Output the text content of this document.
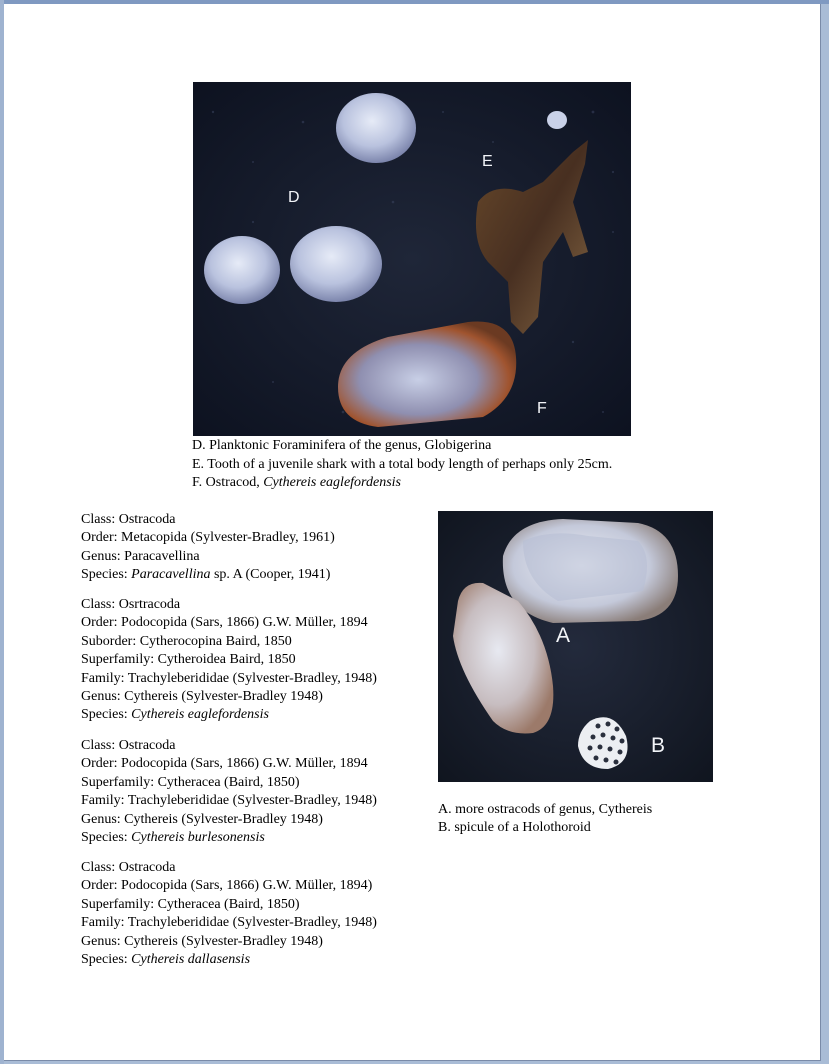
D
E
F
D. Planktonic Foraminifera of the genus, Globigerina
E. Tooth of a juvenile shark with a total body length of perhaps only 25cm.
F. Ostracod, Cythereis eaglefordensis
A
B
A. more ostracods of genus, Cythereis
B. spicule of a Holothoroid
Class: Ostracoda
Order: Metacopida (Sylvester-Bradley, 1961)
Genus: Paracavellina
Species: Paracavellina sp. A (Cooper, 1941)
Class: Osrtracoda
Order: Podocopida (Sars, 1866) G.W. Müller, 1894
Suborder: Cytherocopina Baird, 1850
Superfamily: Cytheroidea Baird, 1850
Family: Trachyleberididae (Sylvester-Bradley, 1948)
Genus: Cythereis (Sylvester-Bradley 1948)
Species: Cythereis eaglefordensis
Class: Ostracoda
Order: Podocopida (Sars, 1866) G.W. Müller, 1894
Superfamily: Cytheracea (Baird, 1850)
Family: Trachyleberididae (Sylvester-Bradley, 1948)
Genus: Cythereis (Sylvester-Bradley 1948)
Species: Cythereis burlesonensis
Class: Ostracoda
Order: Podocopida (Sars, 1866) G.W. Müller, 1894)
Superfamily: Cytheracea (Baird, 1850)
Family: Trachyleberididae (Sylvester-Bradley, 1948)
Genus: Cythereis (Sylvester-Bradley 1948)
Species: Cythereis dallasensis
